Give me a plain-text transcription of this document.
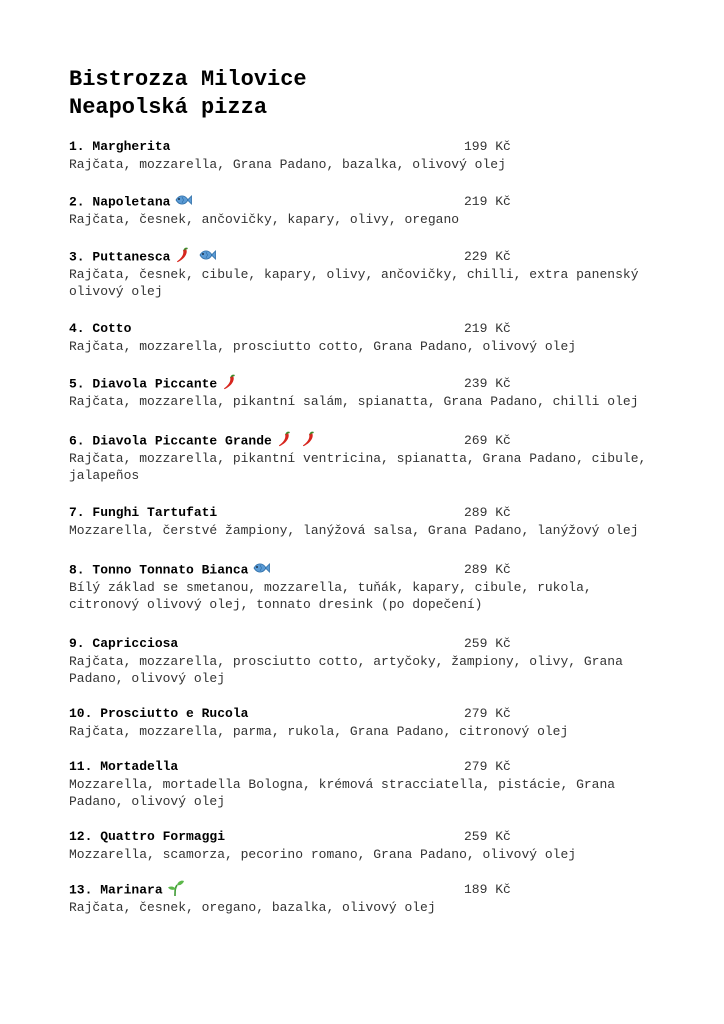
Bistrozza Milovice
Neapolská pizza
1. Margherita	199 Kč
Rajčata, mozzarella, Grana Padano, bazalka, olivový olej
2. Napoletana	219 Kč
Rajčata, česnek, ančovičky, kapary, olivy, oregano
3. Puttanesca	229 Kč
Rajčata, česnek, cibule, kapary, olivy, ančovičky, chilli, extra panenský olivový olej
4. Cotto	219 Kč
Rajčata, mozzarella, prosciutto cotto, Grana Padano, olivový olej
5. Diavola Piccante	239 Kč
Rajčata, mozzarella, pikantní salám, spianatta, Grana Padano, chilli olej
6. Diavola Piccante Grande	269 Kč
Rajčata, mozzarella, pikantní ventricina, spianatta, Grana Padano, cibule, jalapeños
7. Funghi Tartufati	289 Kč
Mozzarella, čerstvé žampiony, lanýžová salsa, Grana Padano, lanýžový olej
8. Tonno Tonnato Bianca	289 Kč
Bílý základ se smetanou, mozzarella, tuňák, kapary, cibule, rukola, citronový olivový olej, tonnato dresink (po dopečení)
9. Capricciosa	259 Kč
Rajčata, mozzarella, prosciutto cotto, artyčoky, žampiony, olivy, Grana Padano, olivový olej
10. Prosciutto e Rucola	279 Kč
Rajčata, mozzarella, parma, rukola, Grana Padano, citronový olej
11. Mortadella	279 Kč
Mozzarella, mortadella Bologna, krémová stracciatella, pistácie, Grana Padano, olivový olej
12. Quattro Formaggi	259 Kč
Mozzarella, scamorza, pecorino romano, Grana Padano, olivový olej
13. Marinara	189 Kč
Rajčata, česnek, oregano, bazalka, olivový olej
